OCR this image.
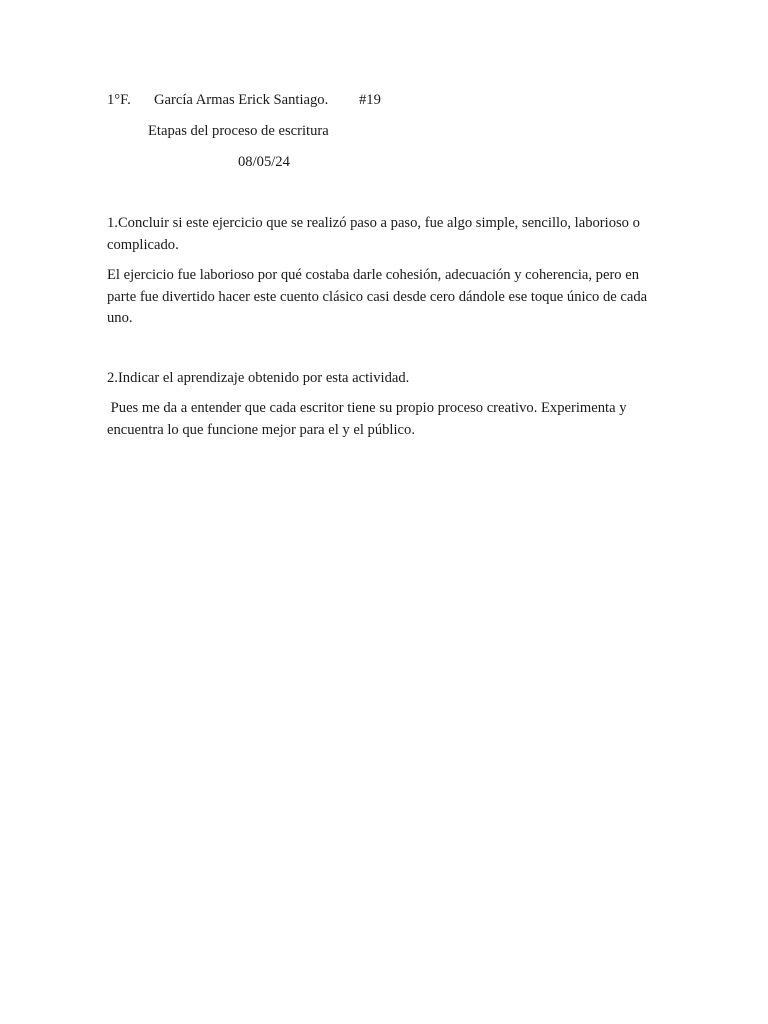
1°F. García Armas Erick Santiago. #19
Etapas del proceso de escritura
08/05/24

1.Concluir si este ejercicio que se realizó paso a paso, fue algo simple, sencillo, laborioso o complicado.

El ejercicio fue laborioso por qué costaba darle cohesión, adecuación y coherencia, pero en parte fue divertido hacer este cuento clásico casi desde cero dándole ese toque único de cada uno.

2.Indicar el aprendizaje obtenido por esta actividad.

Pues me da a entender que cada escritor tiene su propio proceso creativo. Experimenta y encuentra lo que funcione mejor para el y el público.
